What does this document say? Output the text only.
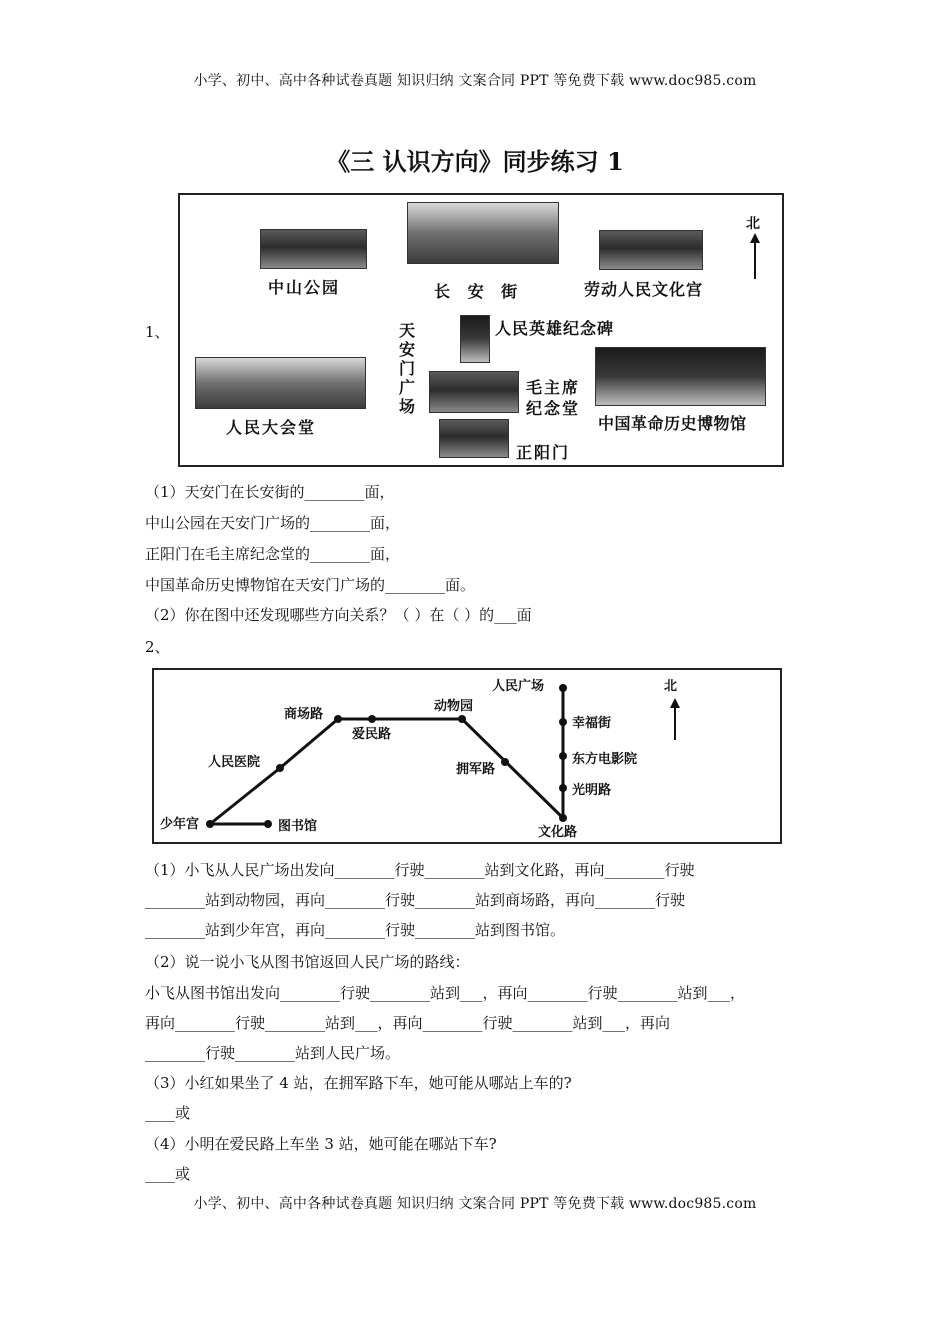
小学、初中、高中各种试卷真题 知识归纳 文案合同 PPT 等免费下载 www.doc985.com
《三 认识方向》同步练习 1
1、
北
中山公园	长 安 街	劳动人民文化宫
天安门广场
人民英雄纪念碑
人民大会堂
毛主席
纪念堂
中国革命历史博物馆
正阳门
（1）天安门在长安街的________面，
中山公园在天安门广场的________面，
正阳门在毛主席纪念堂的________面，
中国革命历史博物馆在天安门广场的________面。
（2）你在图中还发现哪些方向关系？（ ）在（ ）的___面
2、
北
少年宫	图书馆
人民医院
商场路
爱民路
动物园
拥军路
文化路
光明路
东方电影院
幸福街
人民广场
（1）小飞从人民广场出发向________行驶________站到文化路，再向________行驶
________站到动物园，再向________行驶________站到商场路，再向________行驶
________站到少年宫，再向________行驶________站到图书馆。
（2）说一说小飞从图书馆返回人民广场的路线：
小飞从图书馆出发向________行驶________站到___，再向________行驶________站到___，
再向________行驶________站到___，再向________行驶________站到___，再向
________行驶________站到人民广场。
（3）小红如果坐了 4 站，在拥军路下车，她可能从哪站上车的?
____或
（4）小明在爱民路上车坐 3 站，她可能在哪站下车?
____或
小学、初中、高中各种试卷真题 知识归纳 文案合同 PPT 等免费下载 www.doc985.com
